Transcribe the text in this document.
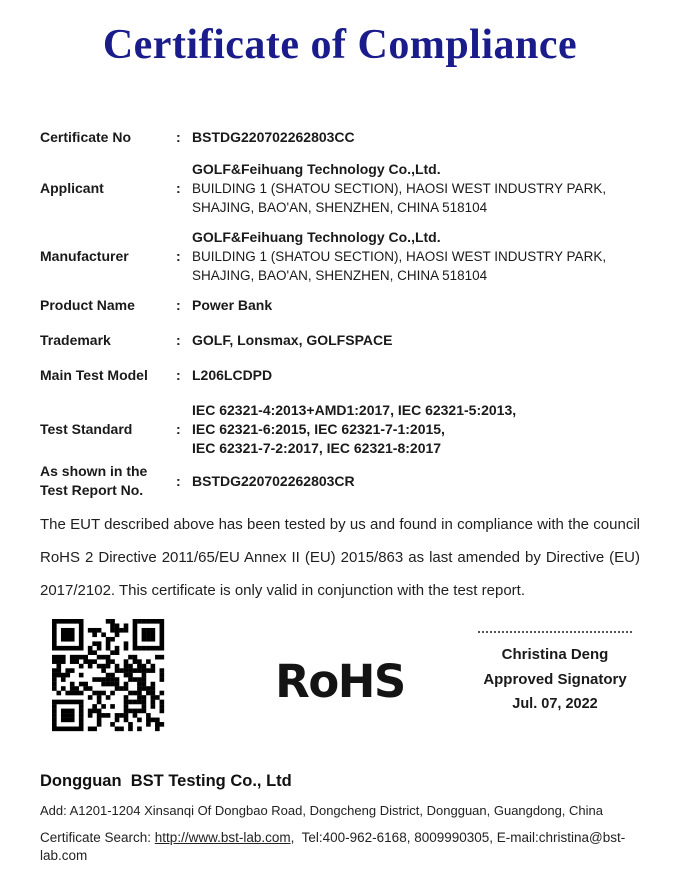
Certificate of Compliance
Certificate No	: BSTDG220702262803CC
Applicant	:
GOLF&Feihuang Technology Co.,Ltd.
BUILDING 1 (SHATOU SECTION), HAOSI WEST INDUSTRY PARK,
SHAJING, BAO'AN, SHENZHEN, CHINA 518104
Manufacturer	:
GOLF&Feihuang Technology Co.,Ltd.
BUILDING 1 (SHATOU SECTION), HAOSI WEST INDUSTRY PARK,
SHAJING, BAO'AN, SHENZHEN, CHINA 518104
Product Name	: Power Bank
Trademark	: GOLF, Lonsmax, GOLFSPACE
Main Test Model	: L206LCDPD
Test Standard	:
IEC 62321-4:2013+AMD1:2017, IEC 62321-5:2013,
IEC 62321-6:2015, IEC 62321-7-1:2015,
IEC 62321-7-2:2017, IEC 62321-8:2017
As shown in the Test Report No.
: BSTDG220702262803CR

The EUT described above has been tested by us and found in compliance with the council RoHS 2 Directive 2011/65/EU Annex II (EU) 2015/863 as last amended by Directive (EU) 2017/2102. This certificate is only valid in conjunction with the test report.

RoHS
Christina Deng
Approved Signatory
Jul. 07, 2022
Dongguan  BST Testing Co., Ltd
Add: A1201-1204 Xinsanqi Of Dongbao Road, Dongcheng District, Dongguan, Guangdong, China
Certificate Search: http://www.bst-lab.com,  Tel:400-962-6168, 8009990305, E-mail:christina@bst-lab.com
